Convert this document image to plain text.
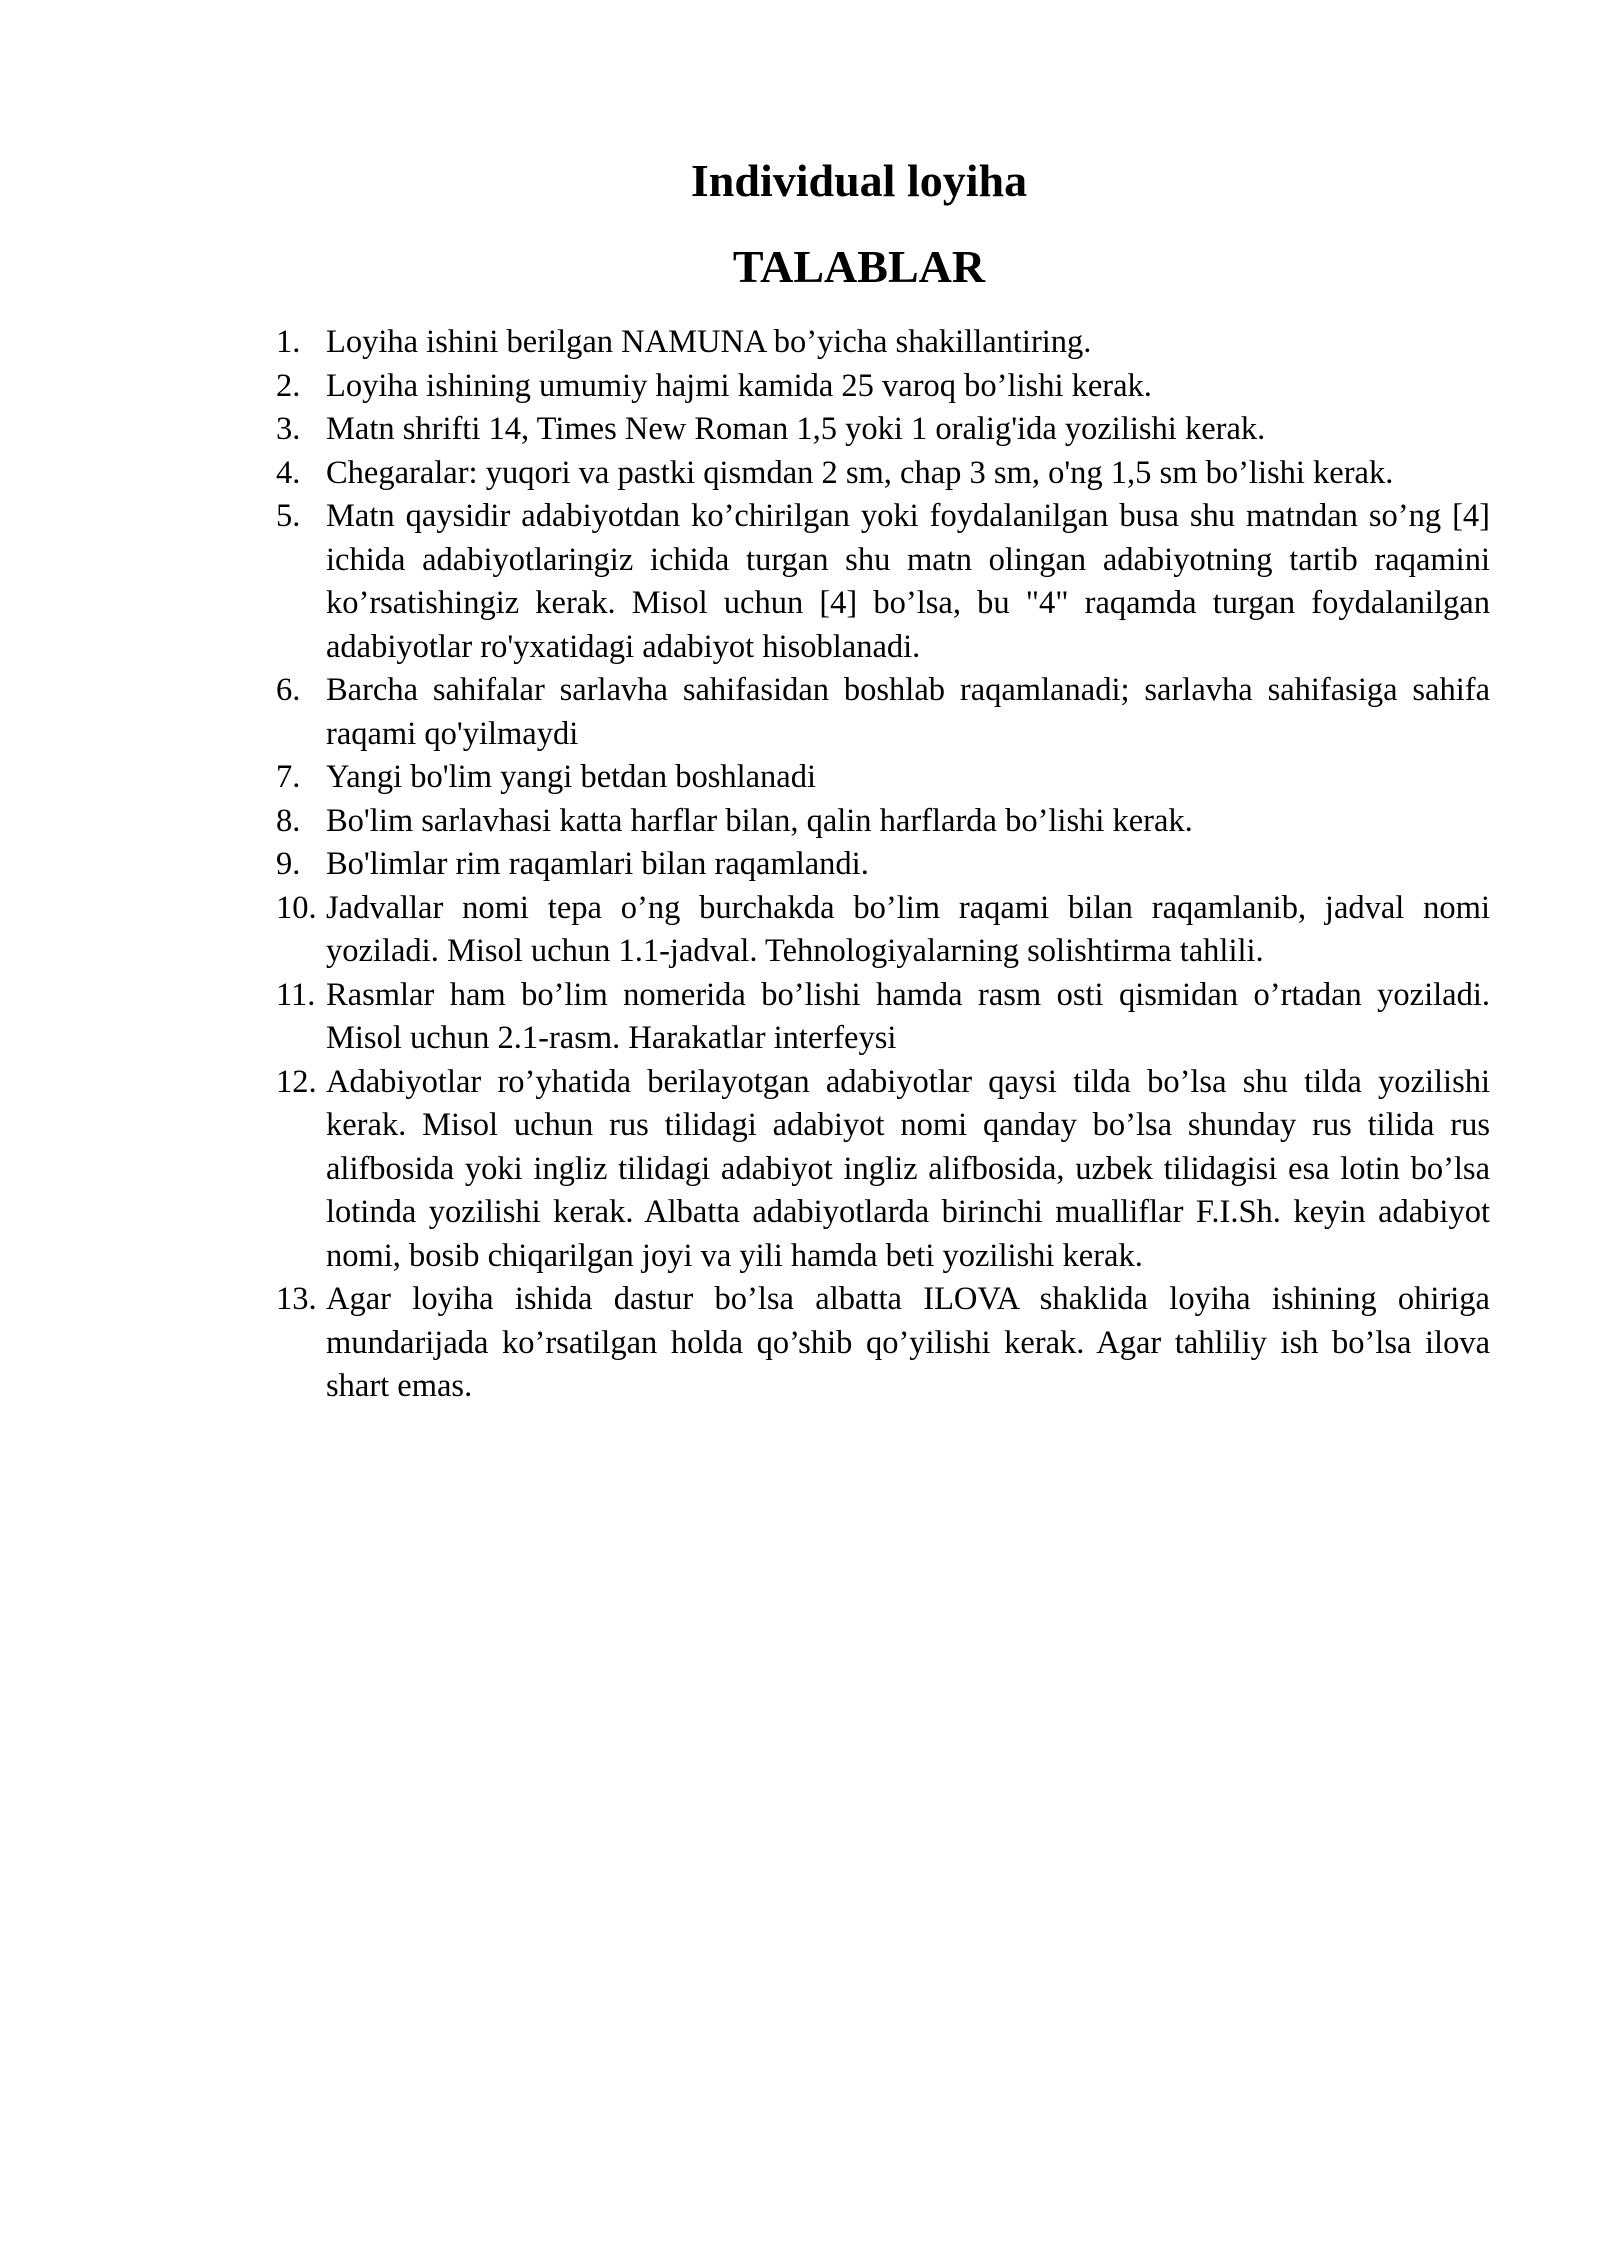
Individual loyiha
TALABLAR
1. Loyiha ishini berilgan NAMUNA bo’yicha shakillantiring.
2. Loyiha ishining umumiy hajmi kamida 25 varoq bo’lishi kerak.
3. Matn shrifti 14, Times New Roman 1,5 yoki 1 oralig'ida yozilishi kerak.
4. Chegaralar: yuqori va pastki qismdan 2 sm, chap 3 sm, o'ng 1,5 sm bo’lishi kerak.
5. Matn qaysidir adabiyotdan ko’chirilgan yoki foydalanilgan busa shu matndan so’ng [4] ichida adabiyotlaringiz ichida turgan shu matn olingan adabiyotning tartib raqamini ko’rsatishingiz kerak. Misol uchun [4] bo’lsa, bu "4" raqamda turgan foydalanilgan adabiyotlar ro'yxatidagi adabiyot hisoblanadi.
6. Barcha sahifalar sarlavha sahifasidan boshlab raqamlanadi; sarlavha sahifasiga sahifa raqami qo'yilmaydi
7. Yangi bo'lim yangi betdan boshlanadi
8. Bo'lim sarlavhasi katta harflar bilan, qalin harflarda bo’lishi kerak.
9. Bo'limlar rim raqamlari bilan raqamlandi.
10. Jadvallar nomi tepa o’ng burchakda bo’lim raqami bilan raqamlanib, jadval nomi yoziladi. Misol uchun 1.1-jadval. Tehnologiyalarning solishtirma tahlili.
11. Rasmlar ham bo’lim nomerida bo’lishi hamda rasm osti qismidan o’rtadan yoziladi. Misol uchun 2.1-rasm. Harakatlar interfeysi
12. Adabiyotlar ro’yhatida berilayotgan adabiyotlar qaysi tilda bo’lsa shu tilda yozilishi kerak. Misol uchun rus tilidagi adabiyot nomi qanday bo’lsa shunday rus tilida rus alifbosida yoki ingliz tilidagi adabiyot ingliz alifbosida, uzbek tilidagisi esa lotin bo’lsa lotinda yozilishi kerak. Albatta adabiyotlarda birinchi mualliflar F.I.Sh. keyin adabiyot nomi, bosib chiqarilgan joyi va yili hamda beti yozilishi kerak.
13. Agar loyiha ishida dastur bo’lsa albatta ILOVA shaklida loyiha ishining ohiriga mundarijada ko’rsatilgan holda qo’shib qo’yilishi kerak. Agar tahliliy ish bo’lsa ilova shart emas.
